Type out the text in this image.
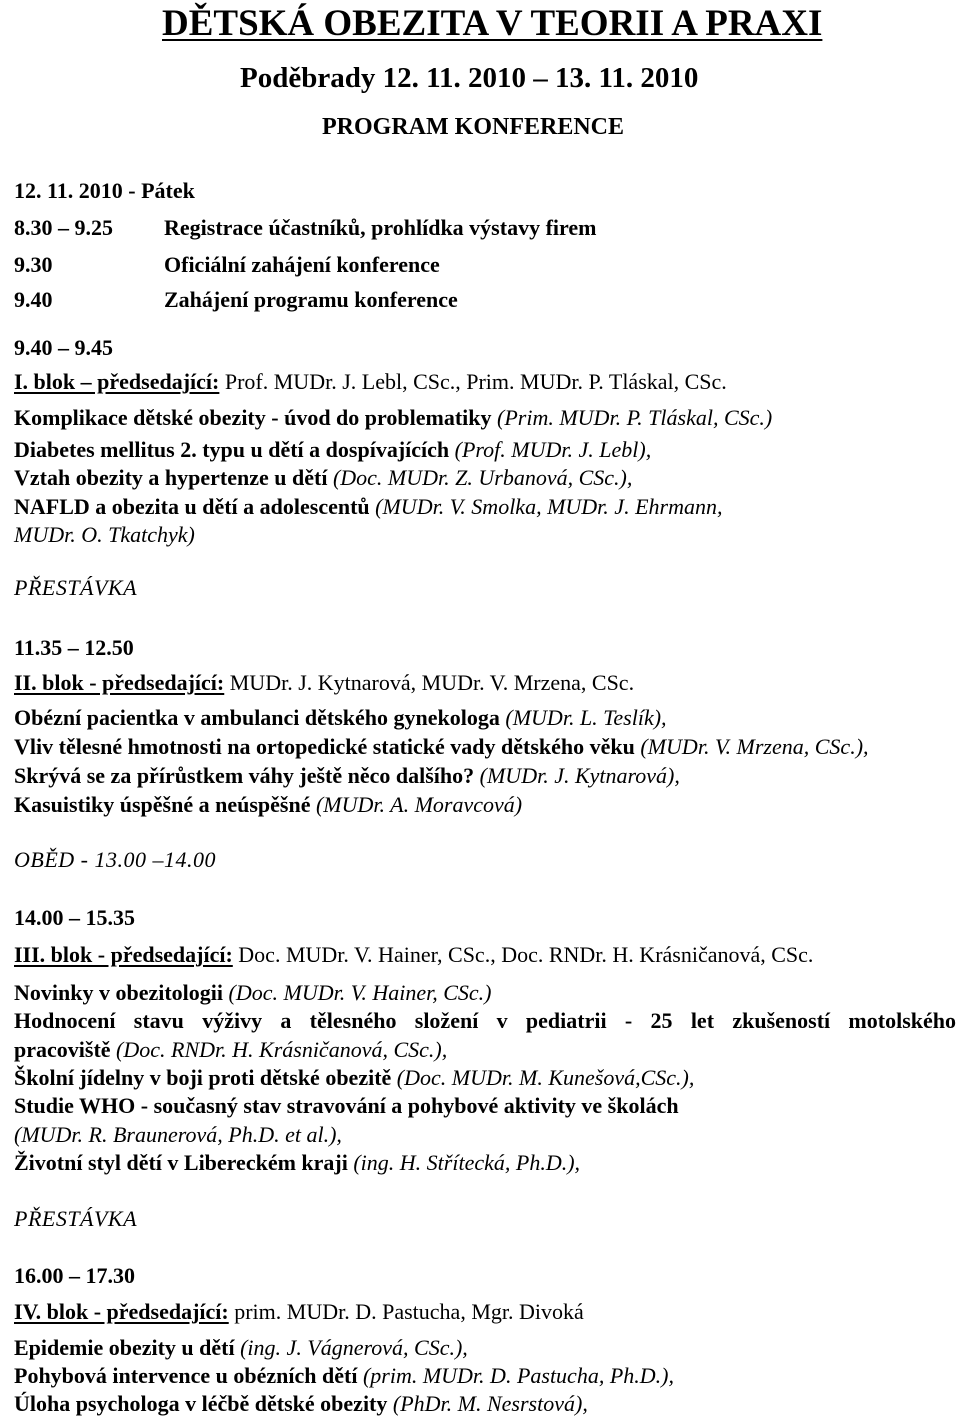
DĚTSKÁ OBEZITA V TEORII A PRAXI
Poděbrady 12. 11. 2010 – 13. 11. 2010
PROGRAM KONFERENCE
12. 11. 2010 - Pátek
8.30 – 9.25 Registrace účastníků, prohlídka výstavy firem
9.30	Oficiální zahájení konference
9.40	Zahájení programu konference
9.40 – 9.45
I. blok – předsedající: Prof. MUDr. J. Lebl, CSc., Prim. MUDr. P. Tláskal, CSc.
Komplikace dětské obezity - úvod do problematiky (Prim. MUDr. P. Tláskal, CSc.)
Diabetes mellitus 2. typu u dětí a dospívajících (Prof. MUDr. J. Lebl),
Vztah obezity a hypertenze u dětí (Doc. MUDr. Z. Urbanová, CSc.),
NAFLD a obezita u dětí a adolescentů (MUDr. V. Smolka, MUDr. J. Ehrmann,
MUDr. O. Tkatchyk)
PŘESTÁVKA
11.35 – 12.50
II. blok - předsedající: MUDr. J. Kytnarová, MUDr. V. Mrzena, CSc.
Obézní pacientka v ambulanci dětského gynekologa (MUDr. L. Teslík),
Vliv tělesné hmotnosti na ortopedické statické vady dětského věku (MUDr. V. Mrzena, CSc.),
Skrývá se za přírůstkem váhy ještě něco dalšího? (MUDr. J. Kytnarová),
Kasuistiky úspěšné a neúspěšné (MUDr. A. Moravcová)
OBĚD - 13.00 –14.00
14.00 – 15.35
III. blok - předsedající: Doc. MUDr. V. Hainer, CSc., Doc. RNDr. H. Krásničanová, CSc.
Novinky v obezitologii (Doc. MUDr. V. Hainer, CSc.)
Hodnocení stavu výživy a tělesného složení v pediatrii - 25 let zkušeností motolského
pracoviště (Doc. RNDr. H. Krásničanová, CSc.),
Školní jídelny v boji proti dětské obezitě (Doc. MUDr. M. Kunešová,CSc.),
Studie WHO - současný stav stravování a pohybové aktivity ve školách
(MUDr. R. Braunerová, Ph.D. et al.),
Životní styl dětí v Libereckém kraji (ing. H. Střítecká, Ph.D.),
PŘESTÁVKA
16.00 – 17.30
IV. blok - předsedající: prim. MUDr. D. Pastucha, Mgr. Divoká
Epidemie obezity u dětí (ing. J. Vágnerová, CSc.),
Pohybová intervence u obézních dětí (prim. MUDr. D. Pastucha, Ph.D.),
Úloha psychologa v léčbě dětské obezity (PhDr. M. Nesrstová),
